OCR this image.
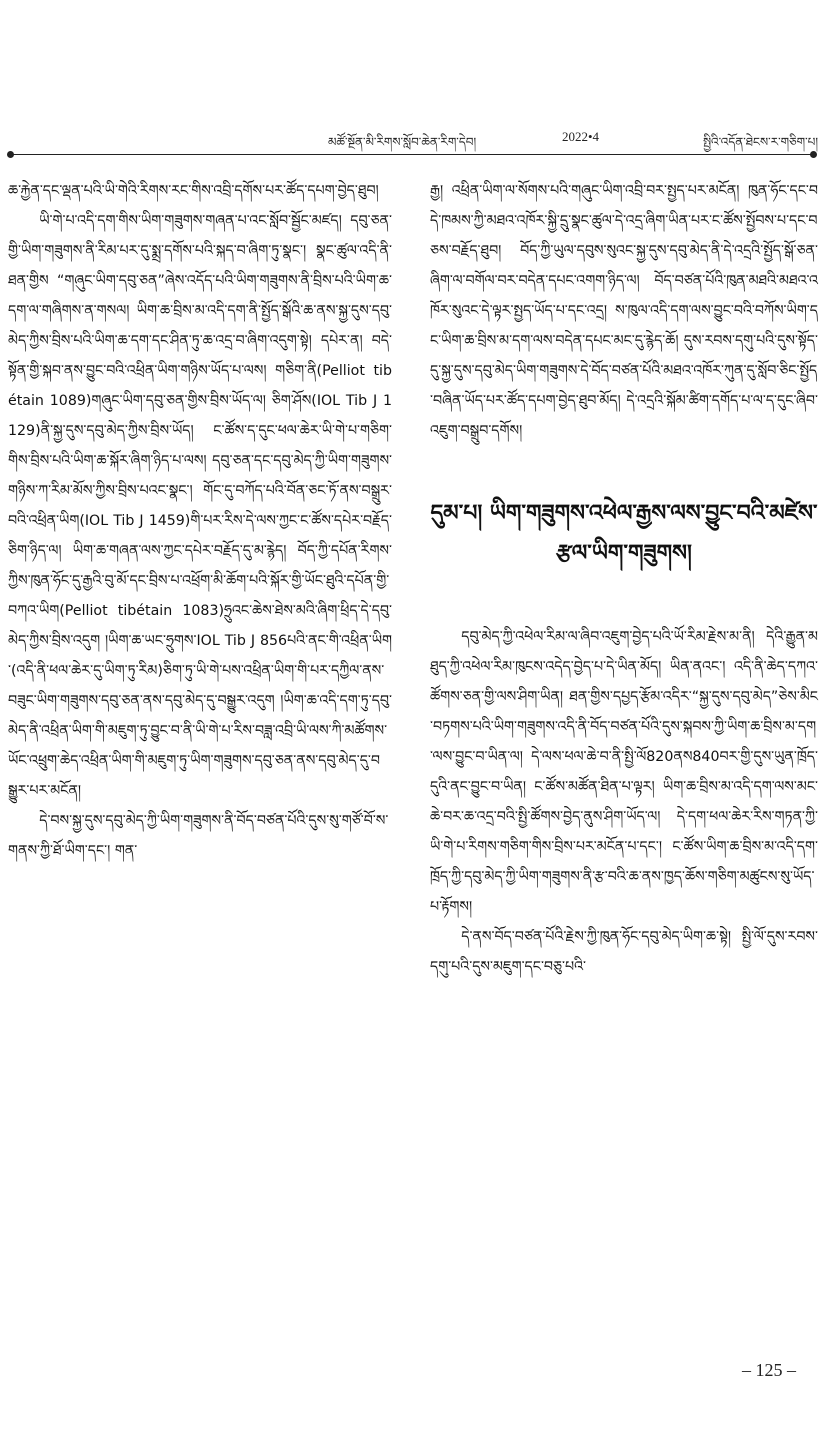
མཚོ་སྔོན་མི་རིགས་སློབ་ཆེན་རིག་དེབ།	2022•4	སྤྱིའི་འདོན་ཐེངས་ར་གཅིག་པ།

ཆ་རྐྱེན་དང་ལྡན་པའི་ཡི་གེའི་རིགས་རང་གིས་འབྲི་དགོས་པར་ཚོད་དཔག་བྱེད་ཐུབ།

ཡི་གེ་པ་འདི་དག་གིས་ཡིག་གཟུགས་གཞན་པ་འང་སློབ་སྦྱོང་མཛད། དབུ་ཅན་གྱི་ཡིག་གཟུགས་ནི་རིམ་པར་དུ་སྨྲ་དགོས་པའི་སྐད་བ་ཞིག་ཏུ་སྣང་། སྣང་ཚུལ་འདི་ནི་ཐན་གྱིས “གཞུང་ཡིག་དབུ་ཅན”ཞེས་འདོད་པའི་ཡིག་གཟུགས་ནི་བྲིས་པའི་ཡིག་ཆ་དག་ལ་གཞིགས་ན་གསལ། ཡིག་ཆ་བྲིས་མ་འདི་དག་ནི་སྤྱོད་སྒོའི་ཆ་ནས་སྐྱ་དུས་དབུ་མེད་ཀྱིས་བྲིས་པའི་ཡིག་ཆ་དག་དང་ཤིན་ཏུ་ཆ་འདྲ་བ་ཞིག་འདུག་སྟེ། དཔེར་ན། བདེ་སྟོན་གྱི་སྐབ་ནས་བྱུང་བའི་འཕྲིན་ཡིག་གཉིས་ཡོད་པ་ལས། གཅིག་ནི(Pelliot tibétain 1089)གཞུང་ཡིག་དབུ་ཅན་གྱིས་བྲིས་ཡོད་ལ། ཅིག་ཤོས(IOL Tib J 1129)ནི་སྐྱ་དུས་དབུ་མེད་ཀྱིས་བྲིས་ཡོད། ང་ཚོས་ད་དུང་ཕལ་ཆེར་ཡི་གེ་པ་གཅིག་གིས་བྲིས་པའི་ཡིག་ཆ་སྐོར་ཞིག་ཉིད་པ་ལས། དབུ་ཅན་དང་དབུ་མེད་ཀྱི་ཡིག་གཟུགས་གཉིས་ཀ་རིམ་མོས་ཀྱིས་བྲིས་པའང་སྣང་། གོང་དུ་བཀོད་པའི་བོན་ཅང་ཏོ་ནས་བསྒྲུར་བའི་འཕྲིན་ཡིག(IOL Tib J 1459)གི་པར་རིས་དེ་ལས་ཀྱང་ང་ཚོས་དཔེར་བརྗོད་ཅིག་ཉིད་ལ། ཡིག་ཆ་གཞན་ལས་ཀྱང་དཔེར་བརྗོད་དུ་མ་རྙེད། བོད་ཀྱི་དཔོན་རིགས་ཀྱིས་ཁུན་ཧོང་དུ་རྒྱའི་བུ་མོ་དང་བྲིས་པ་འཕྲོག་མི་ཆོག་པའི་སྐོར་གྱི་ཡོང་ཐུའི་དཔོན་གྱི་བཀའ་ཡིག(Pelliot tibétain 1083)ཧྲུའང་ཆེས་ཐེས་མའི་ཞིག་ཕྲིད་དེ་དབུ་མེད་ཀྱིས་བྲིས་འདུག །ཡིག་ཆ་ཡང་ཧྲུགས་IOL Tib J 856པའི་ནང་གི་འཕྲིན་ཡིག་(འདི་ནི་ཕལ་ཆེར་དུ་ཡིག་ཏུ་རིམ)ཅིག་ཏུ་ཡི་གེ་པས་འཕྲིན་ཡིག་གི་པར་དཀྱིལ་ནས་བཟུང་ཡིག་གཟུགས་དབུ་ཅན་ནས་དབུ་མེད་དུ་བསྒྱུར་འདུག །ཡིག་ཆ་འདི་དག་ཏུ་དབུ་མེད་ནི་འཕྲིན་ཡིག་གི་མཇུག་ཏུ་བྱུང་བ་ནི་ཡི་གེ་པ་རིས་བཟླ་འབྲི་ཡི་ལས་ཀི་མཚོགས་ཡོང་འཕྲུག་ཆེད་འཕྲིན་ཡིག་གི་མཇུག་ཏུ་ཡིག་གཟུགས་དབུ་ཅན་ནས་དབུ་མེད་དུ་བསྒྱུར་པར་མངོན།

དེ་བས་སྐྱ་དུས་དབུ་མེད་ཀྱི་ཡིག་གཟུགས་ནི་བོད་བཙན་པོའི་དུས་སུ་གཙོ་བོ་ས་གནས་ཀྱི་ཐོ་ཡིག་དང་། གན་

རྒྱ། འཕྲིན་ཡིག་ལ་སོགས་པའི་གཞུང་ཡིག་འབྲི་བར་སྤྱད་པར་མངོན། ཁུན་ཧོང་དང་བདེ་ཁམས་ཀྱི་མཐའ་འཁོར་སྐྱི་དྲུ་སྣང་ཚུལ་དེ་འདྲ་ཞིག་ཡིན་པར་ང་ཚོས་སྤྱོབས་པ་དང་བཅས་བརྗོད་ཐུབ། བོད་ཀྱི་ཡུལ་དབུས་སུའང་སྐྱ་དུས་དབུ་མེད་ནི་དེ་འདྲའི་སྤྱོད་སྒོ་ཅན་ཞིག་ལ་བགོལ་བར་བདེན་དཔང་འགག་ཉིད་ལ། བོད་བཙན་པོའི་ཁུན་མཐའི་མཐའ་འཁོར་སུའང་དེ་ལྟར་སྤྱད་ཡོད་པ་དང་འདྲ། ས་ཁུལ་འདི་དག་ལས་བྱུང་བའི་བཀོས་ཡིག་དང་ཡིག་ཆ་བྲིས་མ་དག་ལས་བདེན་དཔང་མང་དུ་རྙེད་ཆོ། དུས་རབས་དགུ་པའི་དུས་སྟོད་དུ་སྐྱ་དུས་དབུ་མེད་ཡིག་གཟུགས་དེ་བོད་བཙན་པོའི་མཐའ་འཁོར་ཀུན་དུ་སློབ་ཅིང་སྤྱོད་བཞིན་ཡོད་པར་ཚོད་དཔག་བྱེད་ཐུབ་མོད། དེ་འདྲའི་སྐོམ་ཚིག་དགོད་པ་ལ་ད་དུང་ཞིབ་འཇུག་བསྒྲུབ་དགོས།

དུམ་པ། ཡིག་གཟུགས་འཕེལ་རྒྱས་ལས་བྱུང་བའི་མཛེས་རྩལ་ཡིག་གཟུགས།

དབུ་མེད་ཀྱི་འཕེལ་རིམ་ལ་ཞིབ་འཇུག་བྱེད་པའི་ཡོ་རིམ་རྗེས་མ་ནི། དེའི་རྒྱུན་མཐུད་ཀྱི་འཕེལ་རིམ་ཁུངས་འདེད་བྱེད་པ་དེ་ཡིན་མོད། ཡིན་ནའང་། འདི་ནི་ཆེད་དཀའ་ཚོགས་ཅན་གྱི་ལས་ཤིག་ཡིན། ཐན་གྱིས་དཔྱད་རྩོམ་འདིར་“སྐྱ་དུས་དབུ་མེད”ཅེས་མིང་བཏགས་པའི་ཡིག་གཟུགས་འདི་ནི་བོད་བཙན་པོའི་དུས་སྐབས་ཀྱི་ཡིག་ཆ་བྲིས་མ་དག་ལས་བྱུང་བ་ཡིན་ལ། དེ་ལས་ཕལ་ཆེ་བ་ནི་སྤྱི་ལོ820ནས840བར་གྱི་དུས་ཡུན་ཁྲོད་དུའི་ནང་བྱུང་བ་ཡིན། ང་ཚོས་མཚོན་ཐིན་པ་ལྟར། ཡིག་ཆ་བྲིས་མ་འདི་དག་ལས་མང་ཆེ་བར་ཆ་འདྲ་བའི་སྤྱི་ཚོགས་བྱེད་ནུས་ཤིག་ཡོད་ལ། དེ་དག་ཕལ་ཆེར་རིས་གཏན་ཀྱི་ཡི་གེ་པ་རིགས་གཅིག་གིས་བྲིས་པར་མངོན་པ་དང་། ང་ཚོས་ཡིག་ཆ་བྲིས་མ་འདི་དག་ཁྲོད་ཀྱི་དབུ་མེད་ཀྱི་ཡིག་གཟུགས་ནི་རྩ་བའི་ཆ་ནས་ཁྱད་ཆོས་གཅིག་མཚུངས་སུ་ཡོད་པ་རྟོགས།

དེ་ནས་བོད་བཙན་པོའི་རྗེས་ཀྱི་ཁུན་ཧོང་དབུ་མེད་ཡིག་ཆ་སྟེ། སྤྱི་ལོ་དུས་རབས་དགུ་པའི་དུས་མཇུག་དང་བཅུ་པའི་

– 125 –
